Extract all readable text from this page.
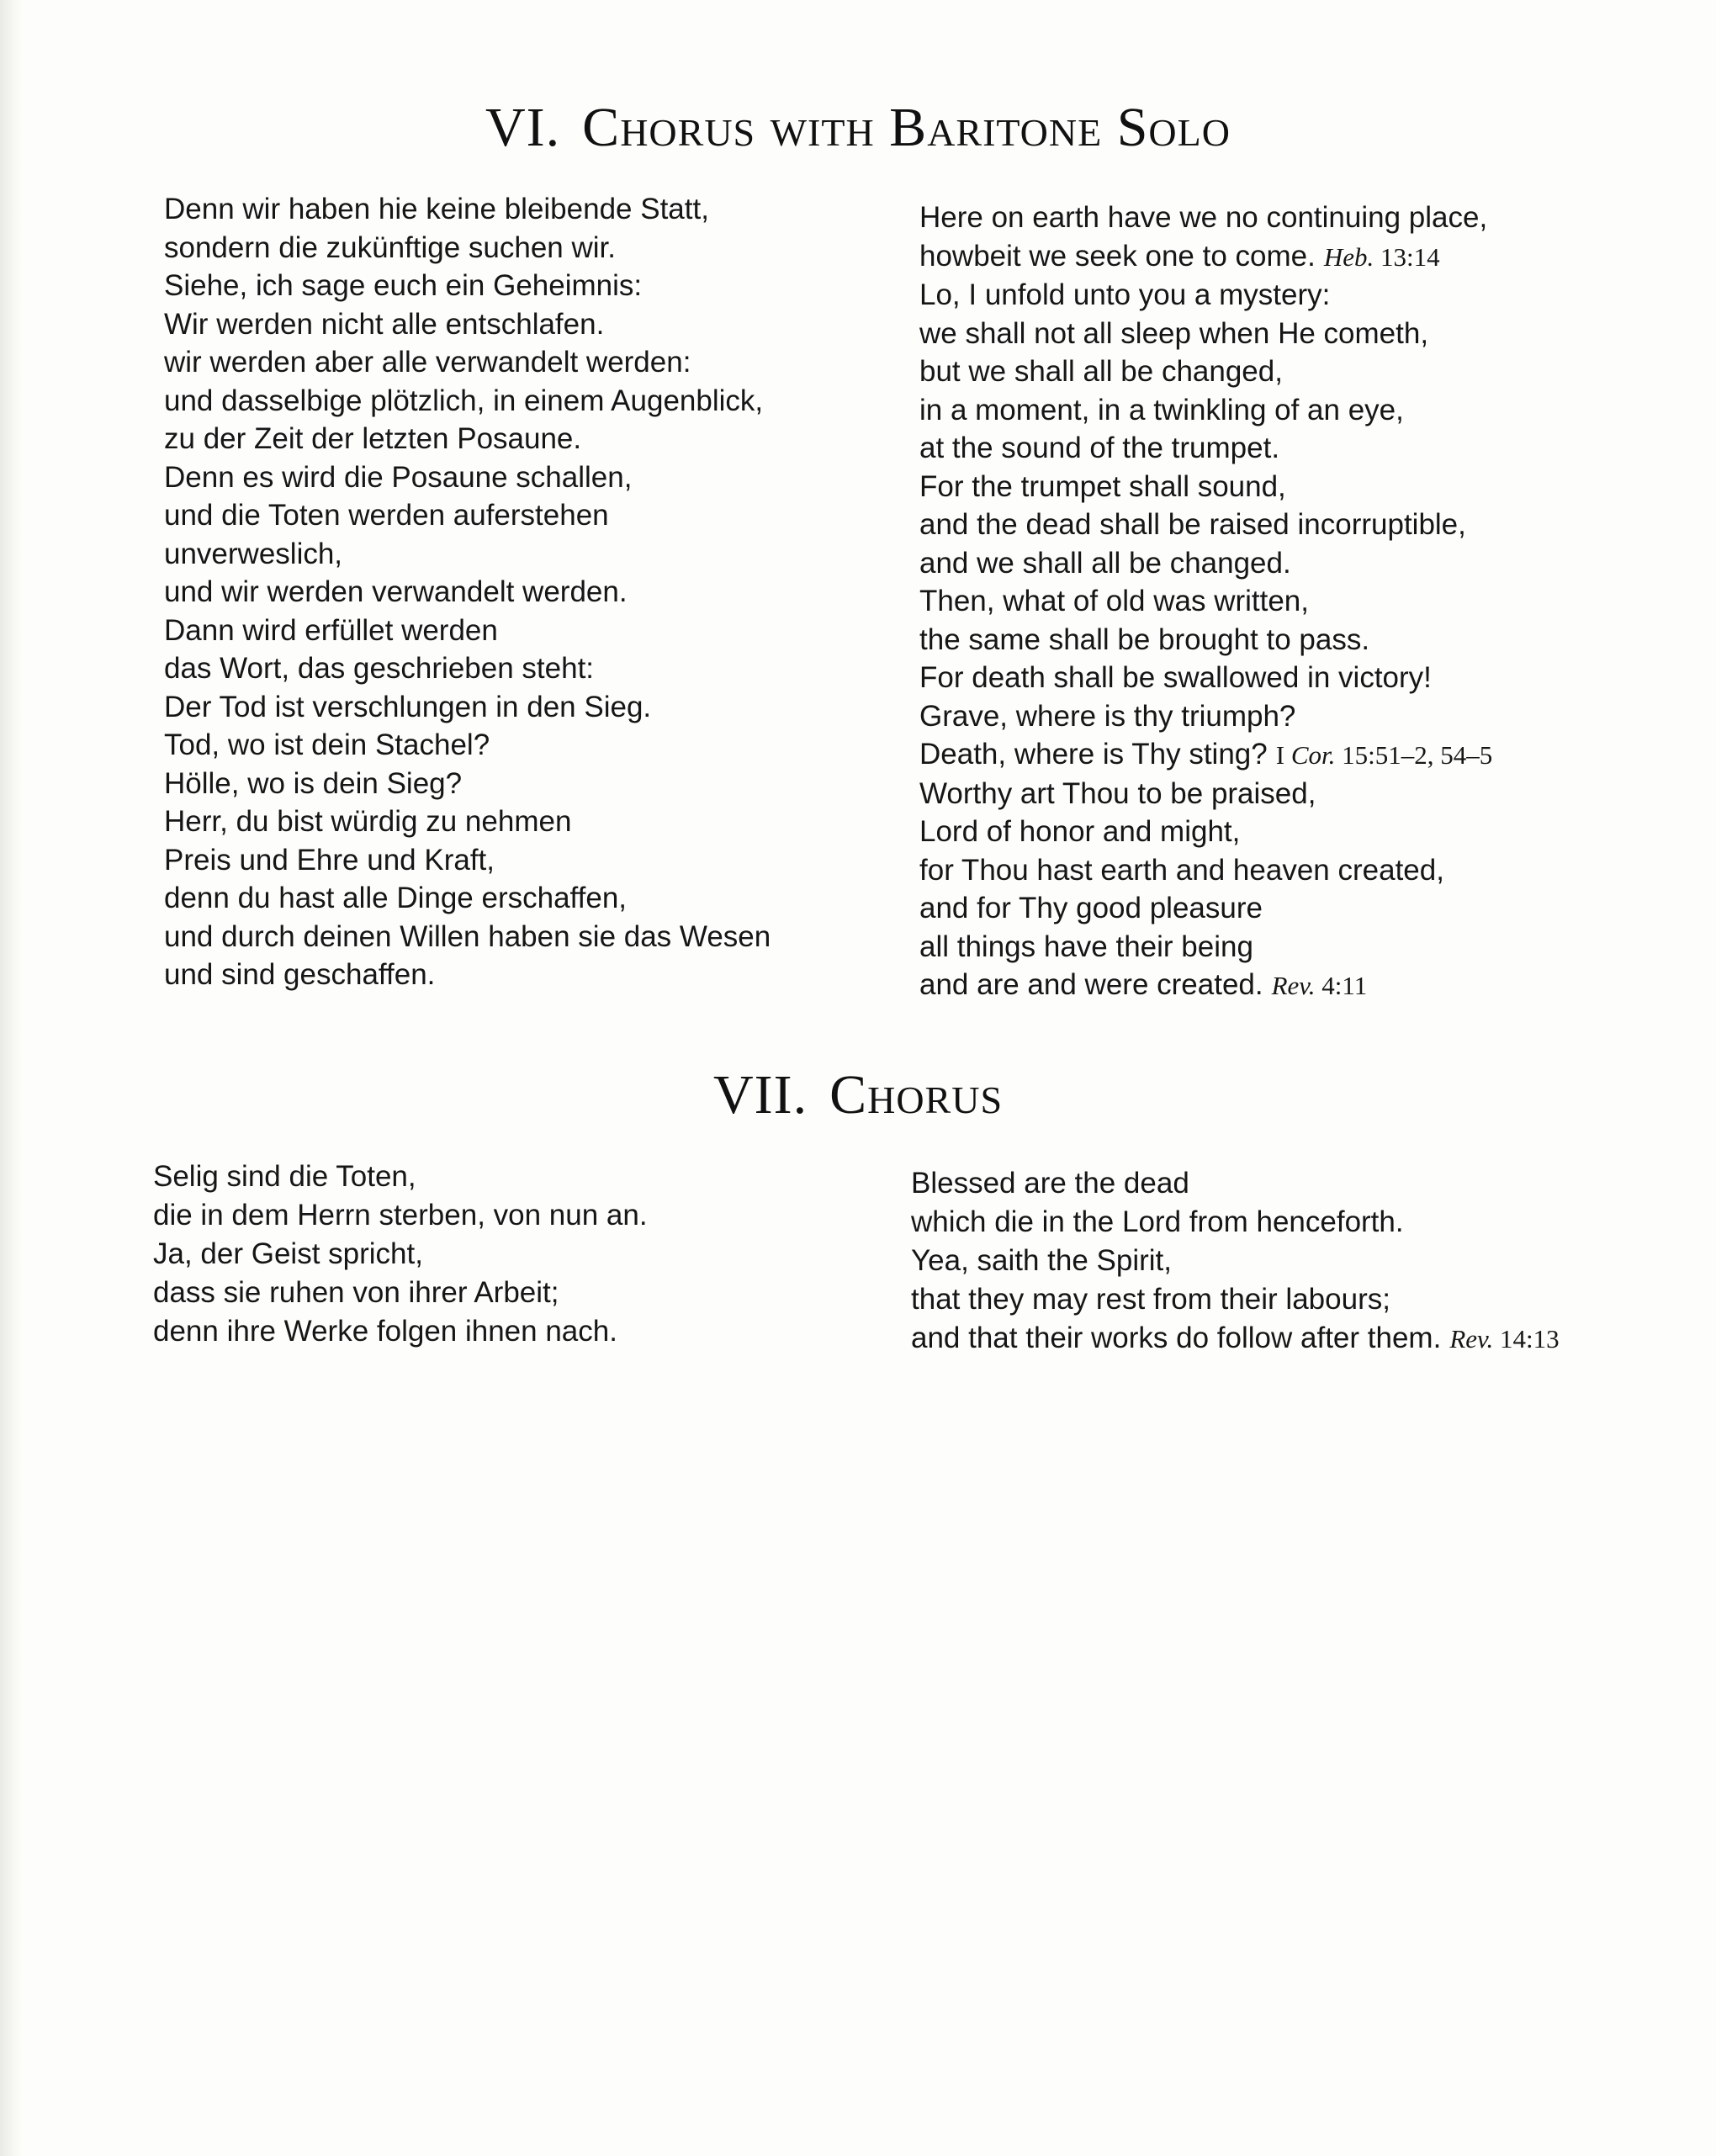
VI. Chorus with Baritone Solo
Denn wir haben hie keine bleibende Statt,
sondern die zukünftige suchen wir.
Siehe, ich sage euch ein Geheimnis:
Wir werden nicht alle entschlafen.
wir werden aber alle verwandelt werden:
und dasselbige plötzlich, in einem Augenblick,
zu der Zeit der letzten Posaune.
Denn es wird die Posaune schallen,
und die Toten werden auferstehen
unverweslich,
und wir werden verwandelt werden.
Dann wird erfüllet werden
das Wort, das geschrieben steht:
Der Tod ist verschlungen in den Sieg.
Tod, wo ist dein Stachel?
Hölle, wo is dein Sieg?
Herr, du bist würdig zu nehmen
Preis und Ehre und Kraft,
denn du hast alle Dinge erschaffen,
und durch deinen Willen haben sie das Wesen
und sind geschaffen.
Here on earth have we no continuing place,
howbeit we seek one to come. Heb. 13:14
Lo, I unfold unto you a mystery:
we shall not all sleep when He cometh,
but we shall all be changed,
in a moment, in a twinkling of an eye,
at the sound of the trumpet.
For the trumpet shall sound,
and the dead shall be raised incorruptible,
and we shall all be changed.
Then, what of old was written,
the same shall be brought to pass.
For death shall be swallowed in victory!
Grave, where is thy triumph?
Death, where is Thy sting? I Cor. 15:51–2, 54–5
Worthy art Thou to be praised,
Lord of honor and might,
for Thou hast earth and heaven created,
and for Thy good pleasure
all things have their being
and are and were created. Rev. 4:11
VII. Chorus
Selig sind die Toten,
die in dem Herrn sterben, von nun an.
Ja, der Geist spricht,
dass sie ruhen von ihrer Arbeit;
denn ihre Werke folgen ihnen nach.
Blessed are the dead
which die in the Lord from henceforth.
Yea, saith the Spirit,
that they may rest from their labours;
and that their works do follow after them. Rev. 14:13
